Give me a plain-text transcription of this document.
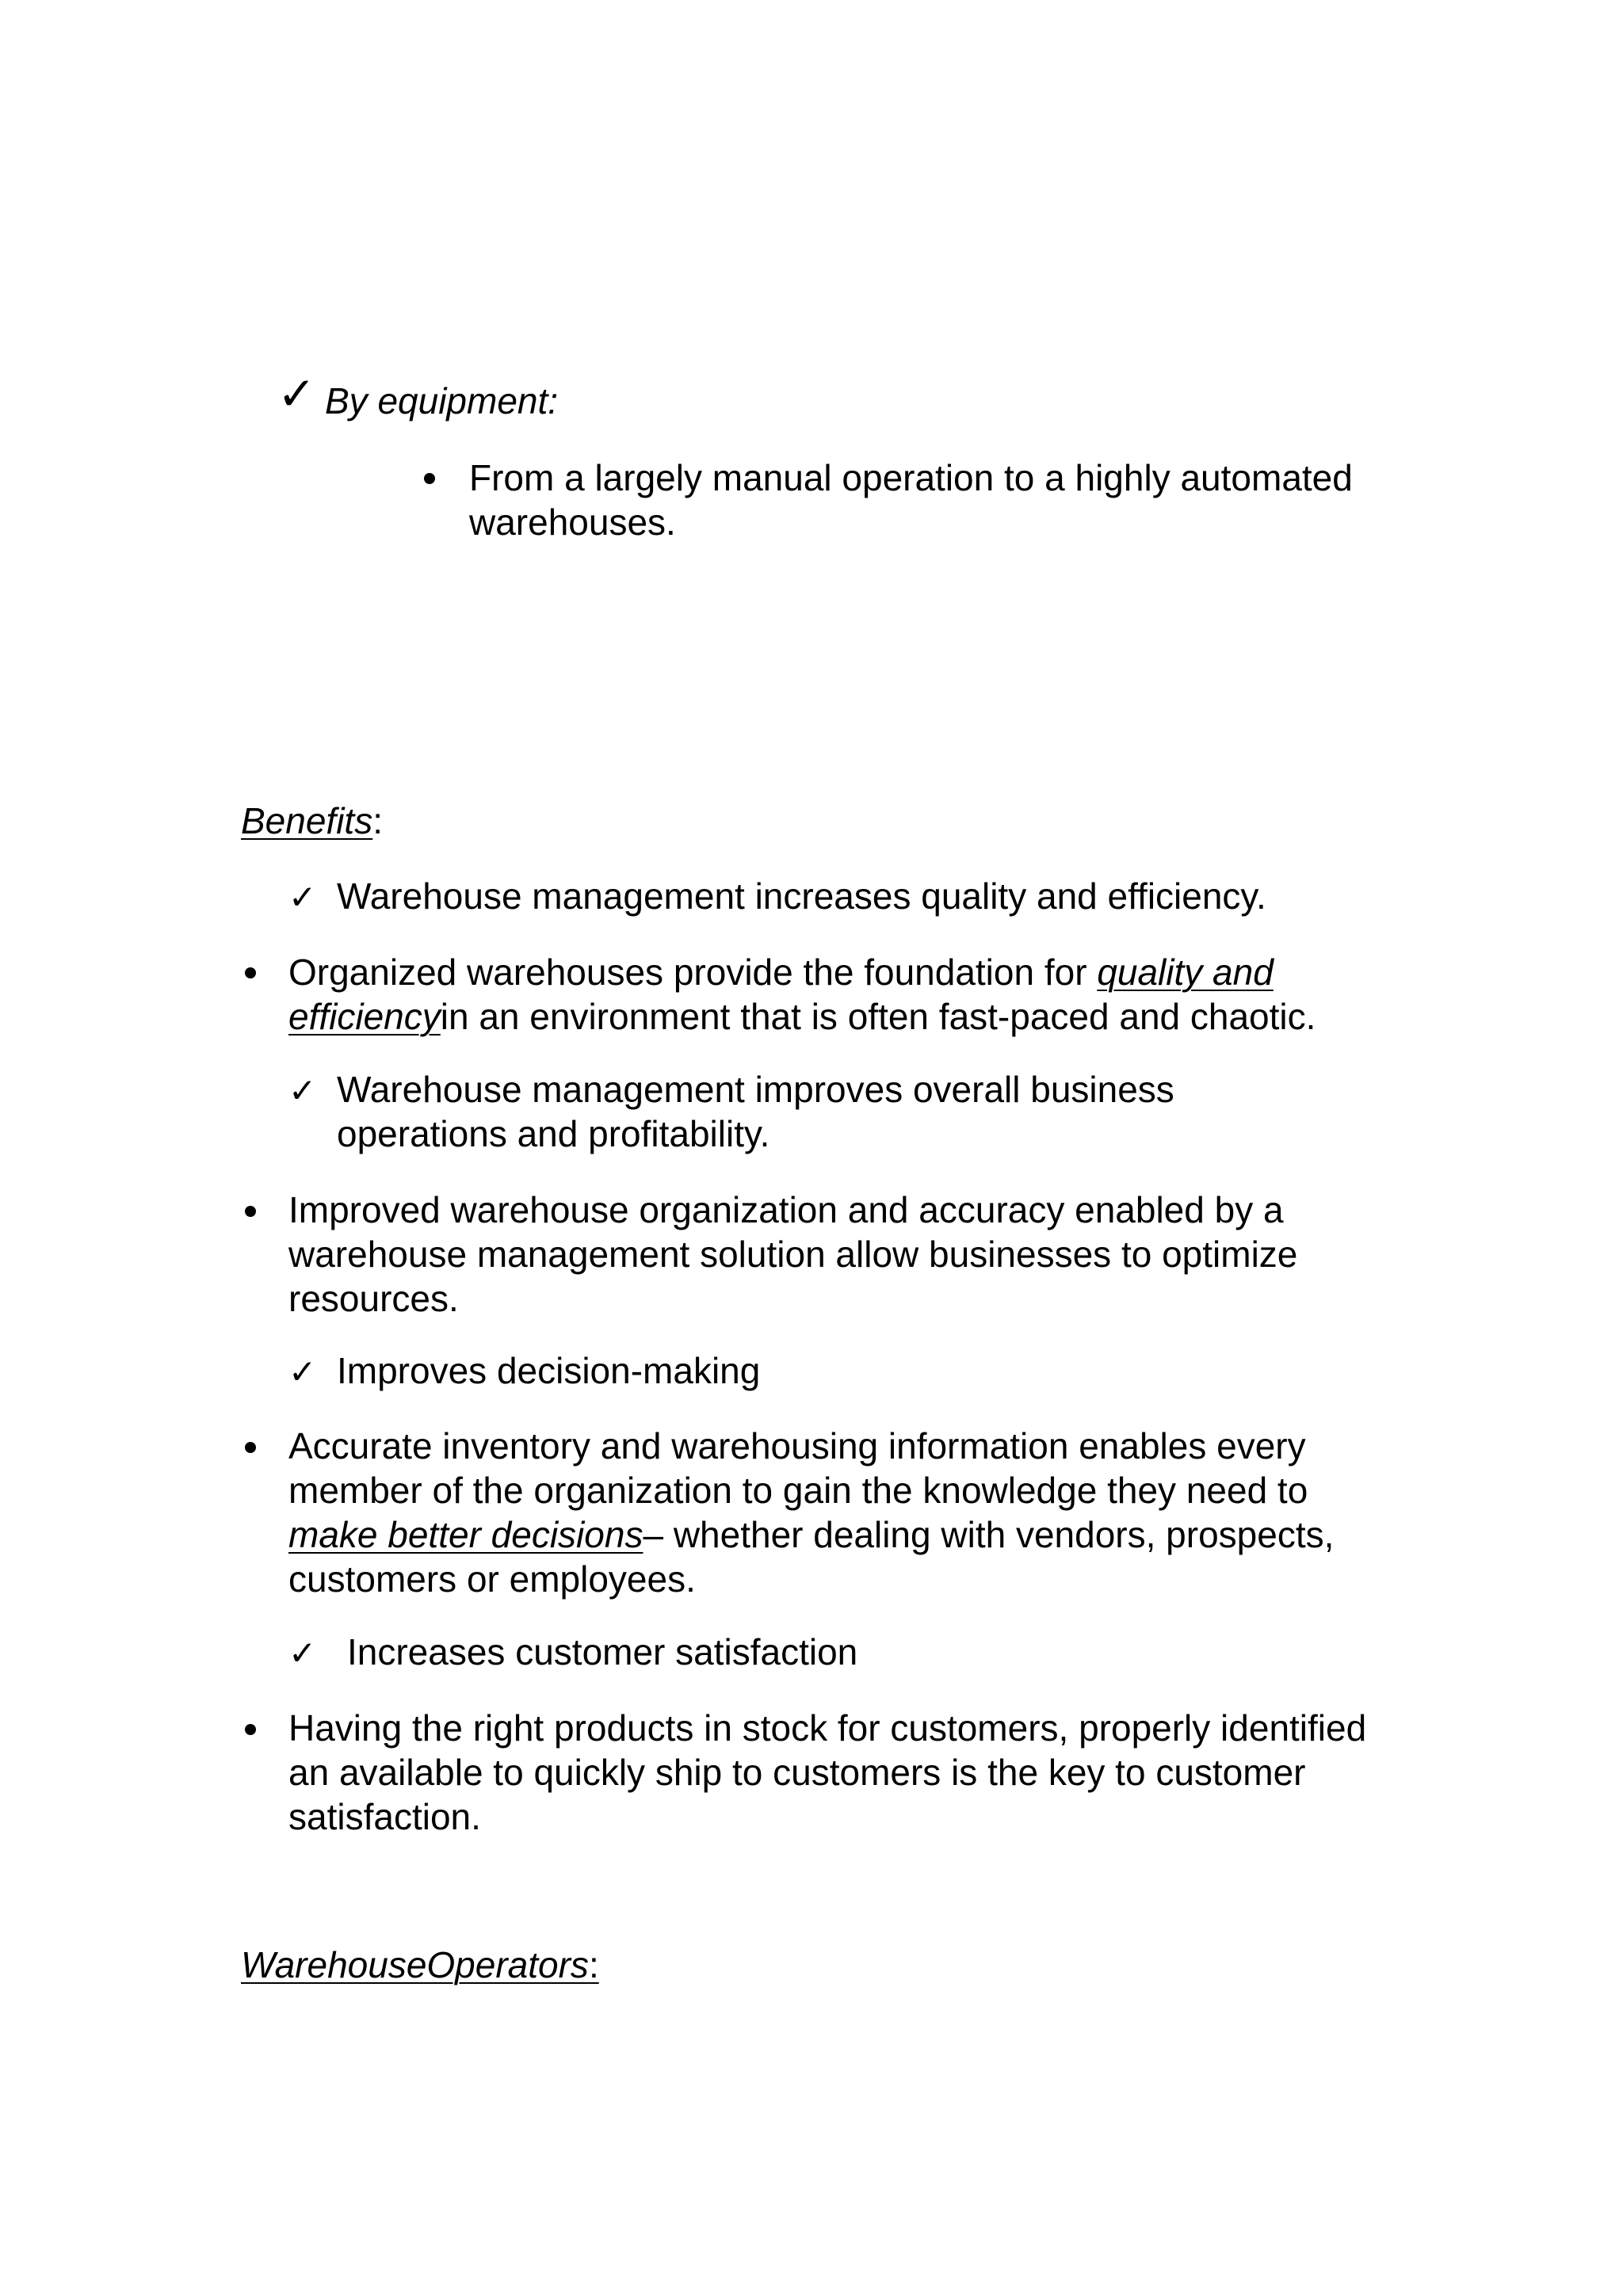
✓ By equipment:
From a largely manual operation to a highly automated warehouses.
Benefits:
✓ Warehouse management increases quality and efficiency.
Organized warehouses provide the foundation for quality and efficiencyin an environment that is often fast-paced and chaotic.
✓ Warehouse management improves overall business operations and profitability.
Improved warehouse organization and accuracy enabled by a warehouse management solution allow businesses to optimize resources.
✓ Improves decision-making
Accurate inventory and warehousing information enables every member of the organization to gain the knowledge they need to make better decisions– whether dealing with vendors, prospects, customers or employees.
✓ Increases customer satisfaction
Having the right products in stock for customers, properly identified an available to quickly ship to customers is the key to customer satisfaction.
WarehouseOperators:
